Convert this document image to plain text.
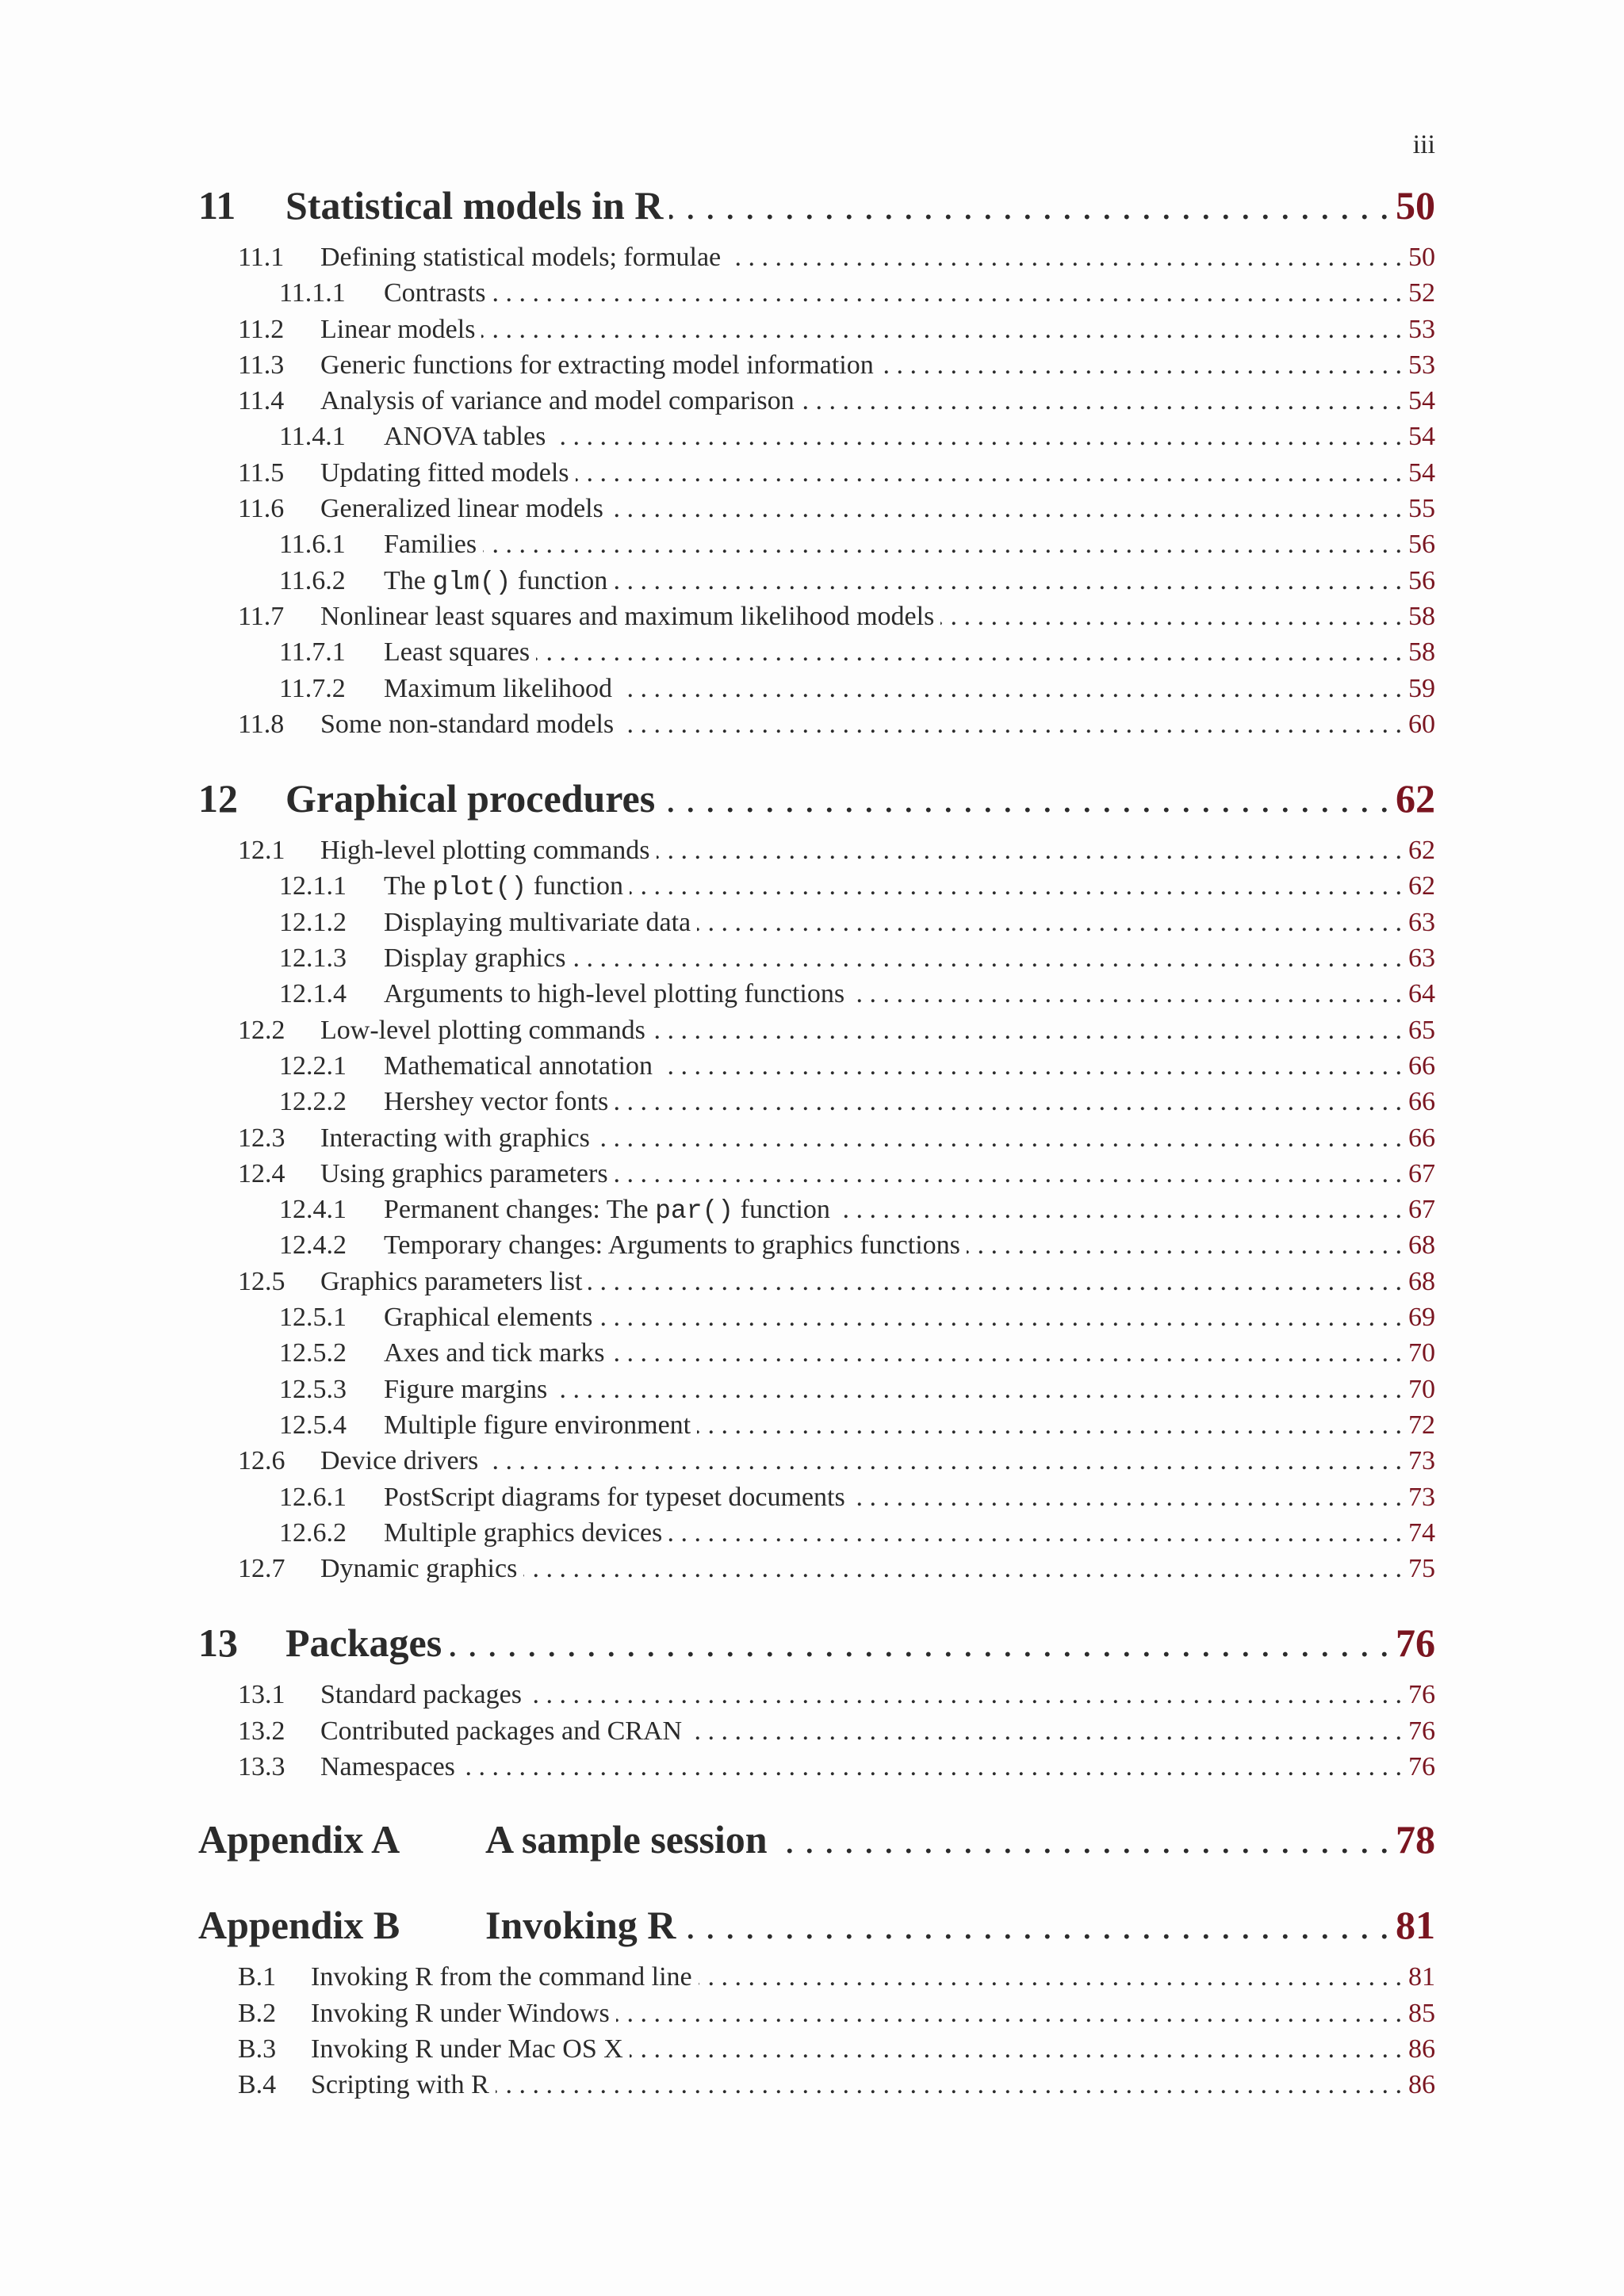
iii
11	Statistical models in R . . .	50
11.1	Defining statistical models; formulae . . .	50
11.1.1	Contrasts . . .	52
11.2	Linear models . . .	53
11.3	Generic functions for extracting model information . . .	53
11.4	Analysis of variance and model comparison . . .	54
11.4.1	ANOVA tables . . .	54
11.5	Updating fitted models . . .	54
11.6	Generalized linear models . . .	55
11.6.1	Families . . .	56
11.6.2	The glm() function . . .	56
11.7	Nonlinear least squares and maximum likelihood models . . .	58
11.7.1	Least squares . . .	58
11.7.2	Maximum likelihood . . .	59
11.8	Some non-standard models . . .	60
12	Graphical procedures . . .	62
12.1	High-level plotting commands . . .	62
12.1.1	The plot() function . . .	62
12.1.2	Displaying multivariate data . . .	63
12.1.3	Display graphics . . .	63
12.1.4	Arguments to high-level plotting functions . . .	64
12.2	Low-level plotting commands . . .	65
12.2.1	Mathematical annotation . . .	66
12.2.2	Hershey vector fonts . . .	66
12.3	Interacting with graphics . . .	66
12.4	Using graphics parameters . . .	67
12.4.1	Permanent changes: The par() function . . .	67
12.4.2	Temporary changes: Arguments to graphics functions . . .	68
12.5	Graphics parameters list . . .	68
12.5.1	Graphical elements . . .	69
12.5.2	Axes and tick marks . . .	70
12.5.3	Figure margins . . .	70
12.5.4	Multiple figure environment . . .	72
12.6	Device drivers . . .	73
12.6.1	PostScript diagrams for typeset documents . . .	73
12.6.2	Multiple graphics devices . . .	74
12.7	Dynamic graphics . . .	75
13	Packages . . .	76
13.1	Standard packages . . .	76
13.2	Contributed packages and CRAN . . .	76
13.3	Namespaces . . .	76
Appendix A	A sample session . . .	78
Appendix B	Invoking R . . .	81
B.1	Invoking R from the command line . . .	81
B.2	Invoking R under Windows . . .	85
B.3	Invoking R under Mac OS X . . .	86
B.4	Scripting with R . . .	86
